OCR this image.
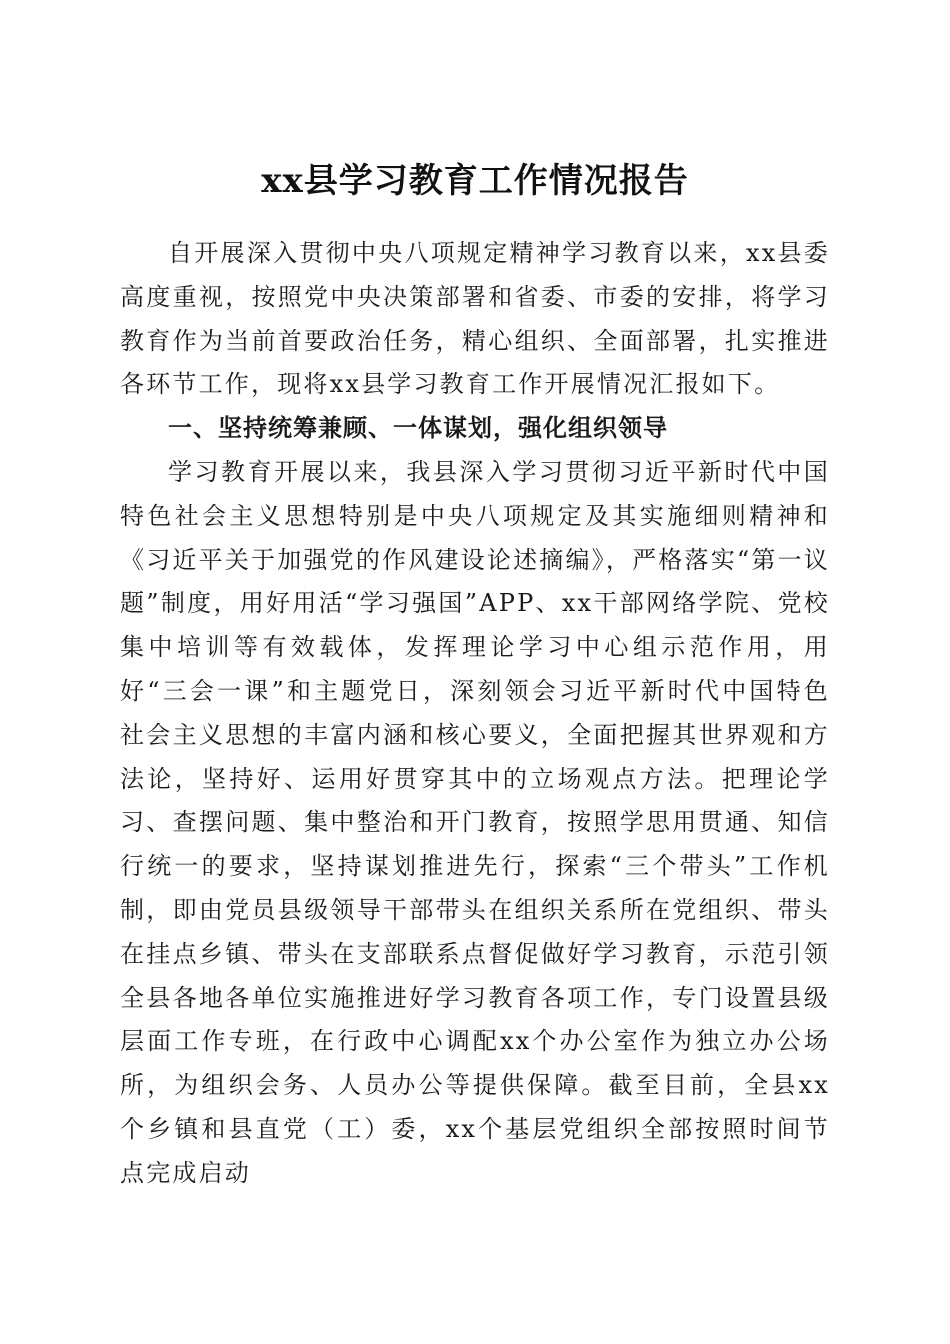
xx县学习教育工作情况报告

自开展深入贯彻中央八项规定精神学习教育以来，xx县委高度重视，按照党中央决策部署和省委、市委的安排，将学习教育作为当前首要政治任务，精心组织、全面部署，扎实推进各环节工作，现将xx县学习教育工作开展情况汇报如下。

一、坚持统筹兼顾、一体谋划，强化组织领导

学习教育开展以来，我县深入学习贯彻习近平新时代中国特色社会主义思想特别是中央八项规定及其实施细则精神和《习近平关于加强党的作风建设论述摘编》，严格落实“第一议题”制度，用好用活“学习强国”APP、xx干部网络学院、党校集中培训等有效载体，发挥理论学习中心组示范作用，用好“三会一课”和主题党日，深刻领会习近平新时代中国特色社会主义思想的丰富内涵和核心要义，全面把握其世界观和方法论，坚持好、运用好贯穿其中的立场观点方法。把理论学习、查摆问题、集中整治和开门教育，按照学思用贯通、知信行统一的要求，坚持谋划推进先行，探索“三个带头”工作机制，即由党员县级领导干部带头在组织关系所在党组织、带头在挂点乡镇、带头在支部联系点督促做好学习教育，示范引领全县各地各单位实施推进好学习教育各项工作，专门设置县级层面工作专班，在行政中心调配xx个办公室作为独立办公场所，为组织会务、人员办公等提供保障。截至目前，全县xx个乡镇和县直党（工）委，xx个基层党组织全部按照时间节点完成启动
